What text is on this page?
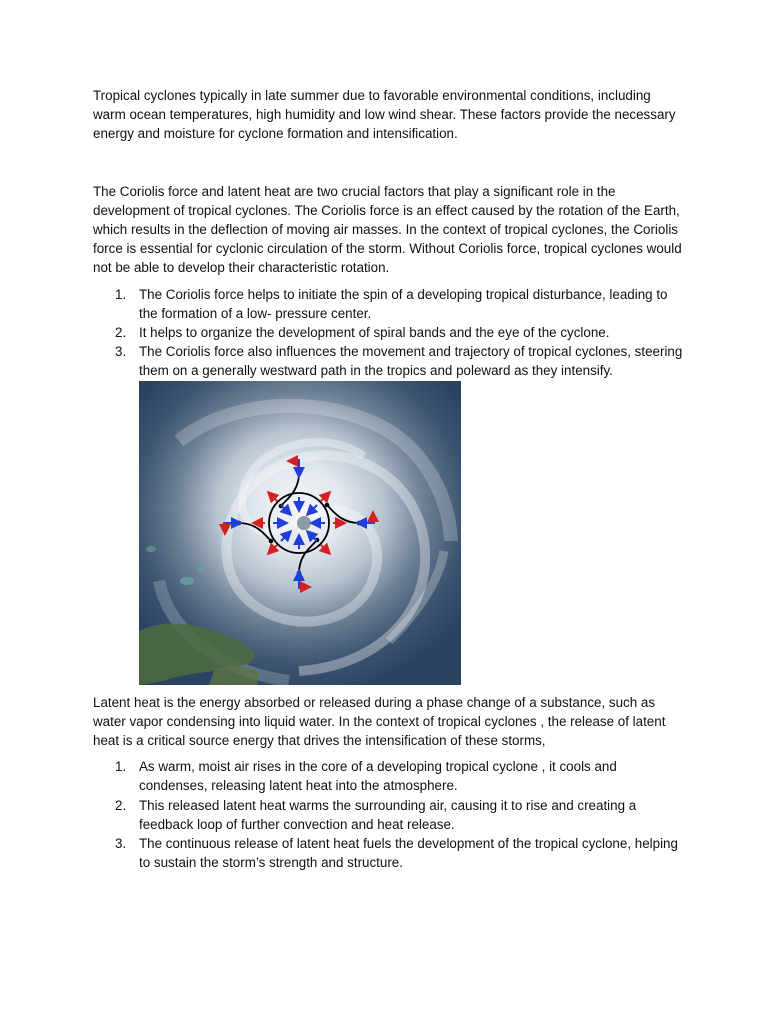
Tropical cyclones typically in late summer due to favorable environmental conditions, including warm ocean temperatures, high humidity and low wind shear. These factors provide the necessary energy and moisture for cyclone formation and intensification.

The Coriolis force and latent heat are two crucial factors that play a significant role in the development of tropical cyclones. The Coriolis force is an effect caused by the rotation of the Earth, which results in the deflection of moving air masses. In the context of tropical cyclones, the Coriolis force is essential for cyclonic circulation of the storm. Without Coriolis force, tropical cyclones would not be able to develop their characteristic rotation.

1. The Coriolis force helps to initiate the spin of a developing tropical disturbance, leading to the formation of a low- pressure center.
2. It helps to organize the development of spiral bands and the eye of the cyclone.
3. The Coriolis force also influences the movement and trajectory of tropical cyclones, steering them on a generally westward path in the tropics and poleward as they intensify.

Latent heat is the energy absorbed or released during a phase change of a substance, such as water vapor condensing into liquid water. In the context of tropical cyclones , the release of latent heat is a critical source energy that drives the intensification of these storms,

1. As warm, moist air rises in the core of a developing tropical cyclone , it cools and condenses, releasing latent heat into the atmosphere.
2. This released latent heat warms the surrounding air, causing it to rise and creating a feedback loop of further convection and heat release.
3. The continuous release of latent heat fuels the development of the tropical cyclone, helping to sustain the storm’s strength and structure.
